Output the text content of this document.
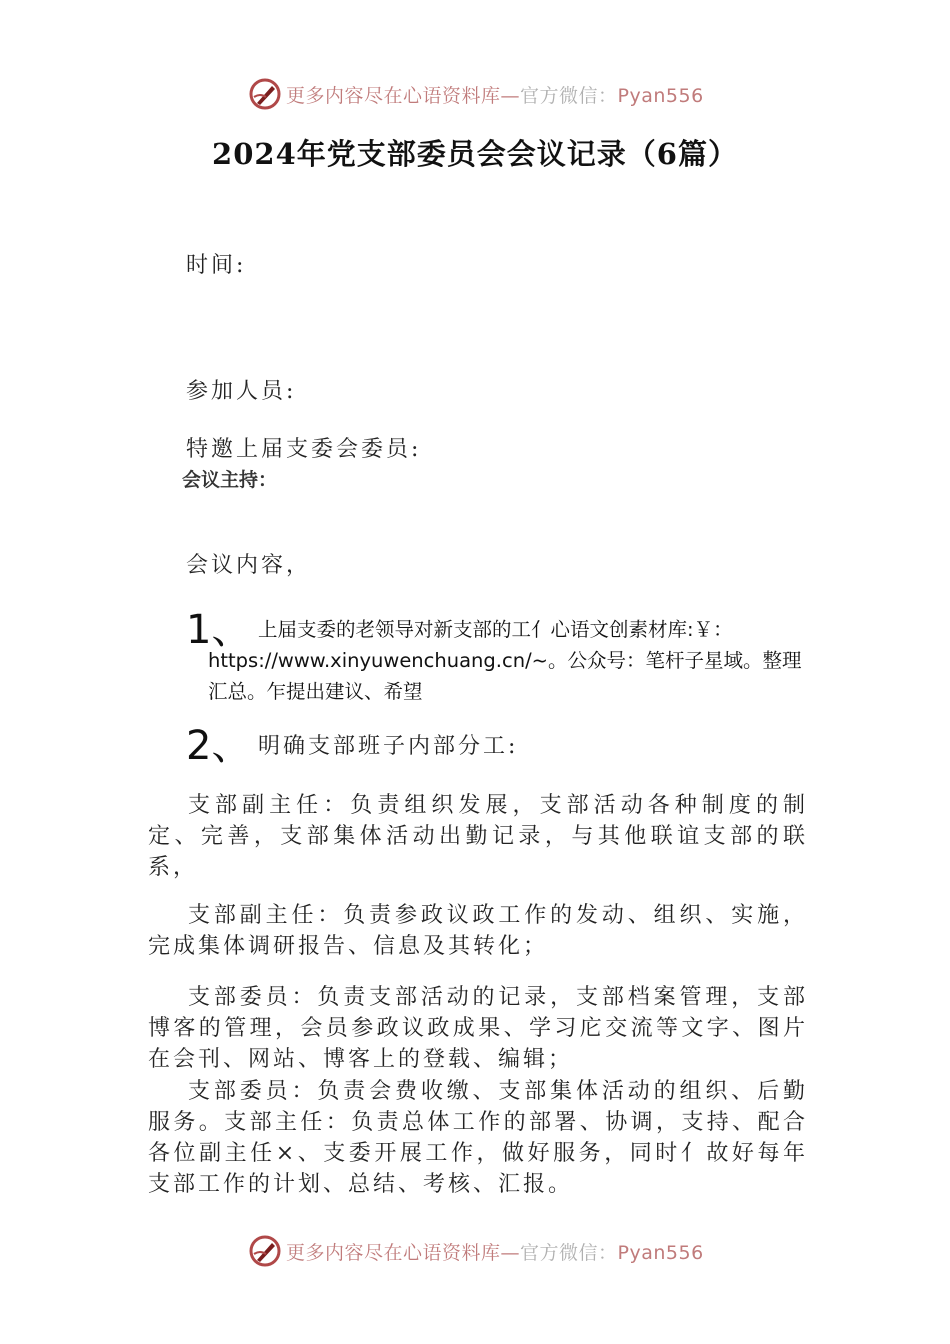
更多内容尽在心语资料库—官方微信：Pyan556
2024年党支部委员会会议记录（6篇）
时间:
参加人员:
特邀上届支委会委员:
会议主持：
会议内容，
1、 上届支委的老领导对新支部的工亻心语文创素材库:￥：https://www.xinyuwenchuang.cn/~。公众号：笔杆子星域。整理汇总。乍提出建议、希望
2、 明确支部班子内部分工:
支部副主任：负责组织发展，支部活动各种制度的制定、完善，支部集体活动出勤记录，与其他联谊支部的联系，
支部副主任：负责参政议政工作的发动、组织、实施，完成集体调研报告、信息及其转化；
支部委员：负责支部活动的记录，支部档案管理，支部博客的管理，会员参政议政成果、学习庀交流等文字、图片在会刊、网站、博客上的登载、编辑；
支部委员：负责会费收缴、支部集体活动的组织、后勤服务。支部主任：负责总体工作的部署、协调，支持、配合各位副主任×、支委开展工作，做好服务，同时亻故好每年支部工作的计划、总结、考核、汇报。
更多内容尽在心语资料库—官方微信：Pyan556
